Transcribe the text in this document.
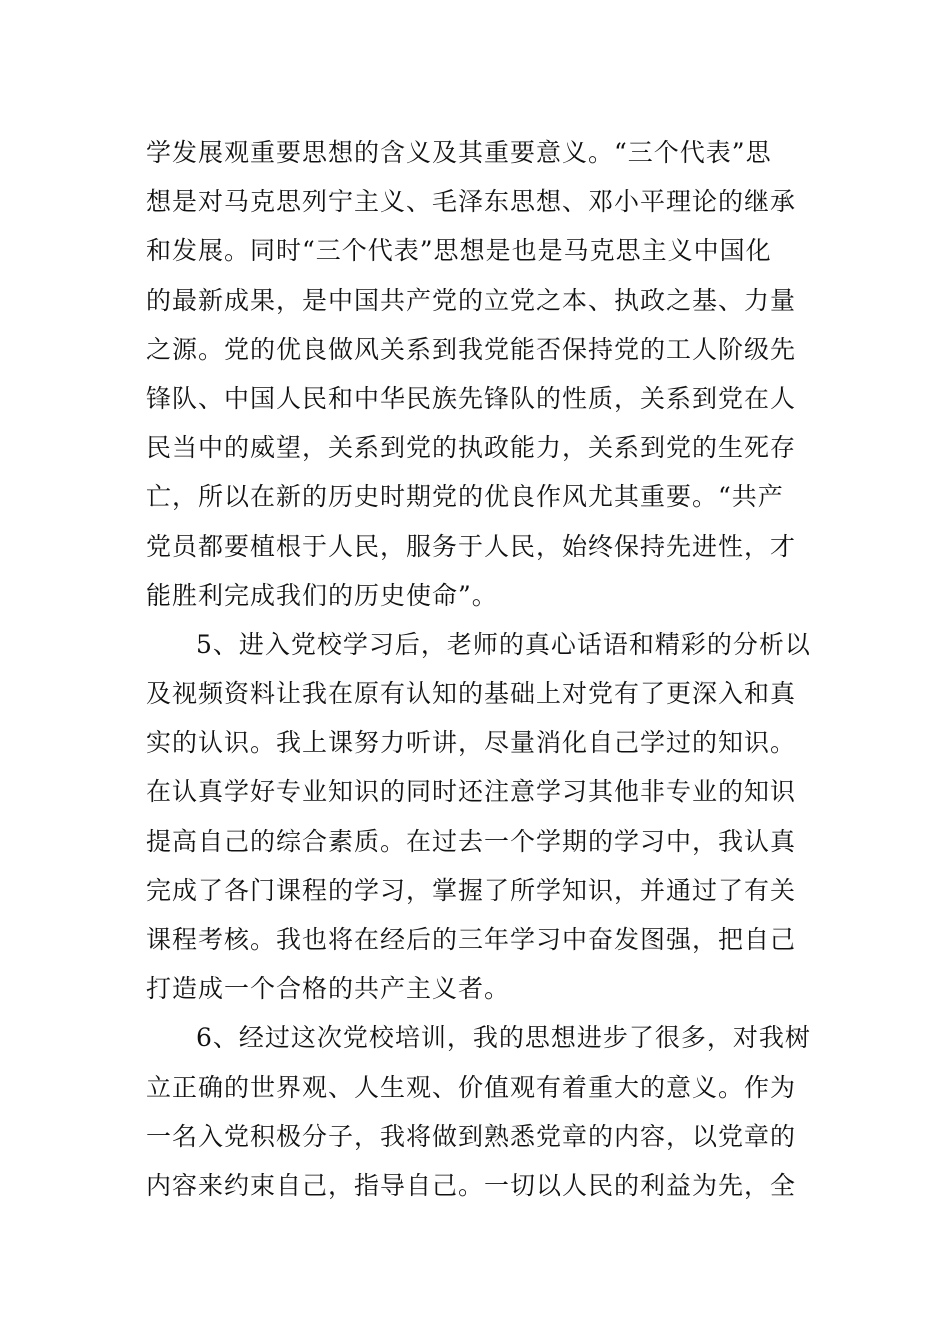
学发展观重要思想的含义及其重要意义。“三个代表”思
想是对马克思列宁主义、毛泽东思想、邓小平理论的继承
和发展。同时“三个代表”思想是也是马克思主义中国化
的最新成果，是中国共产党的立党之本、执政之基、力量
之源。党的优良做风关系到我党能否保持党的工人阶级先
锋队、中国人民和中华民族先锋队的性质，关系到党在人
民当中的威望，关系到党的执政能力，关系到党的生死存
亡，所以在新的历史时期党的优良作风尤其重要。“共产
党员都要植根于人民，服务于人民，始终保持先进性，才
能胜利完成我们的历史使命”。
5、进入党校学习后，老师的真心话语和精彩的分析以
及视频资料让我在原有认知的基础上对党有了更深入和真
实的认识。我上课努力听讲，尽量消化自己学过的知识。
在认真学好专业知识的同时还注意学习其他非专业的知识
提高自己的综合素质。在过去一个学期的学习中，我认真
完成了各门课程的学习，掌握了所学知识，并通过了有关
课程考核。我也将在经后的三年学习中奋发图强，把自己
打造成一个合格的共产主义者。
6、经过这次党校培训，我的思想进步了很多，对我树
立正确的世界观、人生观、价值观有着重大的意义。作为
一名入党积极分子，我将做到熟悉党章的内容，以党章的
内容来约束自己，指导自己。一切以人民的利益为先，全
